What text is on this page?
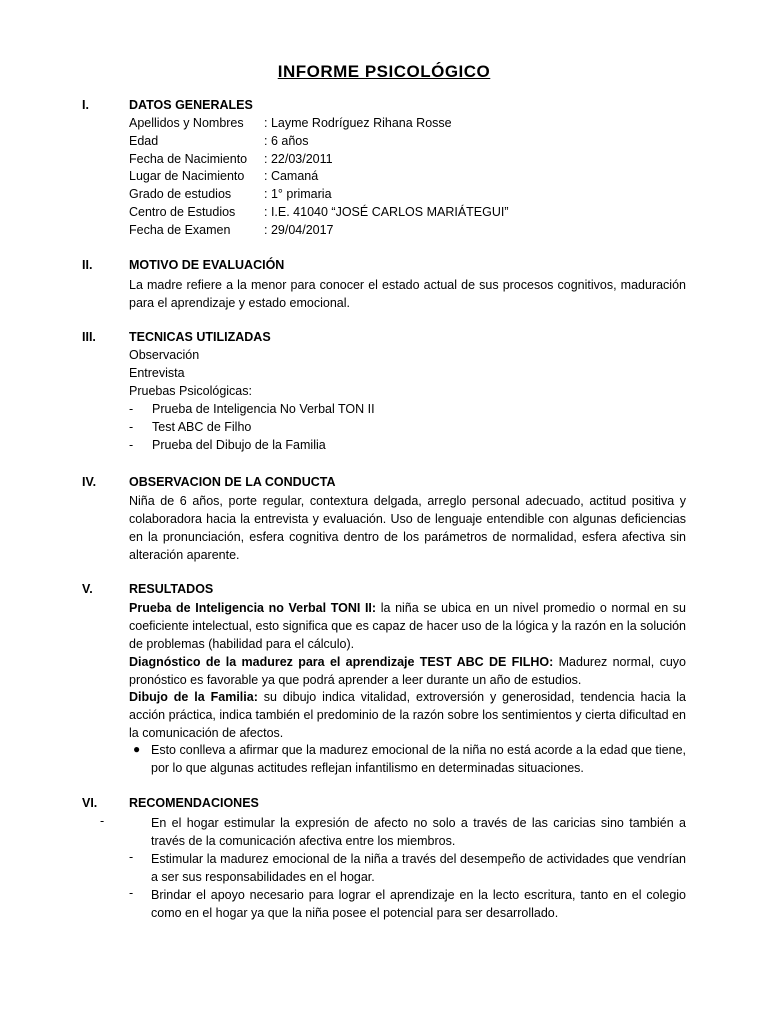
INFORME PSICOLÓGICO
I.	DATOS GENERALES
Apellidos y Nombres : Layme Rodríguez Rihana Rosse
Edad	: 6 años
Fecha de Nacimiento : 22/03/2011
Lugar de Nacimiento : Camaná
Grado de estudios	: 1° primaria
Centro de Estudios : I.E. 41040 “JOSÉ CARLOS MARIÁTEGUI”
Fecha de Examen	: 29/04/2017
II.	MOTIVO DE EVALUACIÓN
La madre refiere a la menor para conocer el estado actual de sus procesos cognitivos, maduración para el aprendizaje y estado emocional.
III.	TECNICAS UTILIZADAS
Observación
Entrevista
Pruebas Psicológicas:
- Prueba de Inteligencia No Verbal TON II
- Test ABC de Filho
- Prueba del Dibujo de la Familia
IV.	OBSERVACION DE LA CONDUCTA
Niña de 6 años, porte regular, contextura delgada, arreglo personal adecuado, actitud positiva y colaboradora hacia la entrevista y evaluación. Uso de lenguaje entendible con algunas deficiencias en la pronunciación, esfera cognitiva dentro de los parámetros de normalidad, esfera afectiva sin alteración aparente.
V.	RESULTADOS
Prueba de Inteligencia no Verbal TONI II: la niña se ubica en un nivel promedio o normal en su coeficiente intelectual, esto significa que es capaz de hacer uso de la lógica y la razón en la solución de problemas (habilidad para el cálculo).
Diagnóstico de la madurez para el aprendizaje TEST ABC DE FILHO: Madurez normal, cuyo pronóstico es favorable ya que podrá aprender a leer durante un año de estudios.
Dibujo de la Familia: su dibujo indica vitalidad, extroversión y generosidad, tendencia hacia la acción práctica, indica también el predominio de la razón sobre los sentimientos y cierta dificultad en la comunicación de afectos.
● Esto conlleva a afirmar que la madurez emocional de la niña no está acorde a la edad que tiene, por lo que algunas actitudes reflejan infantilismo en determinadas situaciones.
VI.	RECOMENDACIONES
-	En el hogar estimular la expresión de afecto no solo a través de las caricias sino también a través de la comunicación afectiva entre los miembros.
- Estimular la madurez emocional de la niña a través del desempeño de actividades que vendrían a ser sus responsabilidades en el hogar.
- Brindar el apoyo necesario para lograr el aprendizaje en la lecto escritura, tanto en el colegio como en el hogar ya que la niña posee el potencial para ser desarrollado.
